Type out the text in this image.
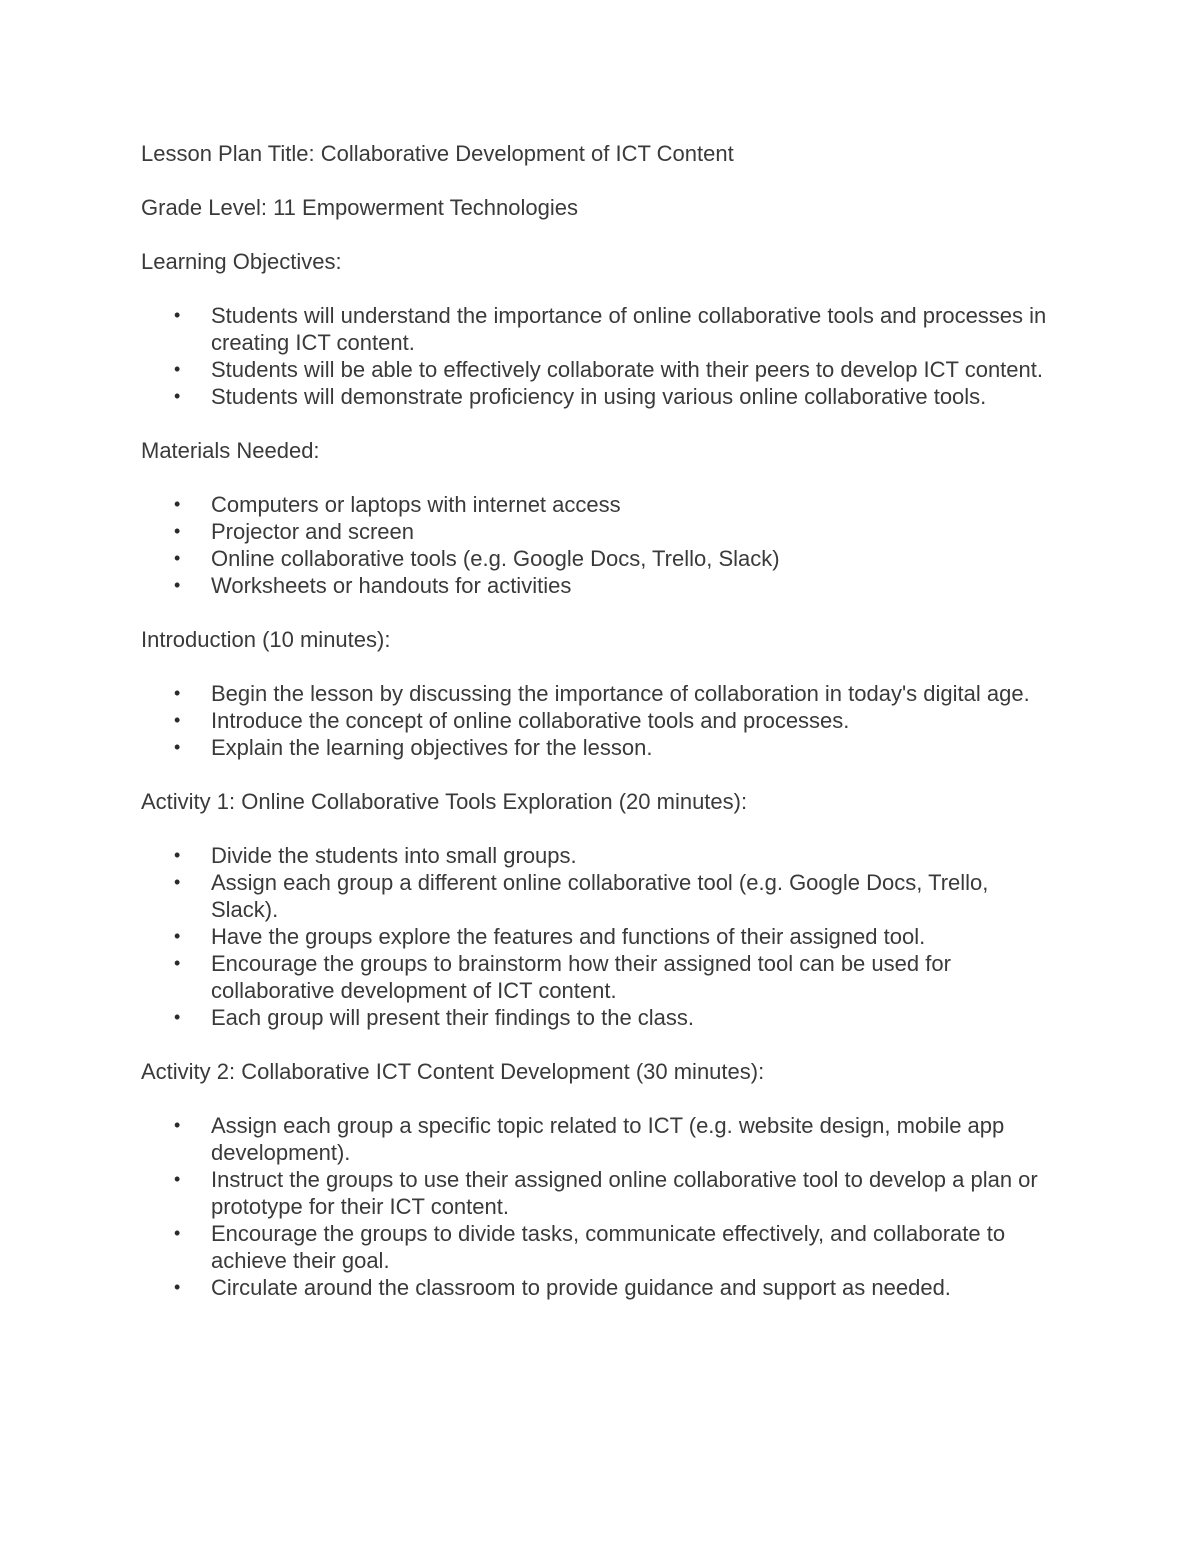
Lesson Plan Title: Collaborative Development of ICT Content

Grade Level: 11 Empowerment Technologies

Learning Objectives:

• Students will understand the importance of online collaborative tools and processes in creating ICT content.
• Students will be able to effectively collaborate with their peers to develop ICT content.
• Students will demonstrate proficiency in using various online collaborative tools.

Materials Needed:

• Computers or laptops with internet access
• Projector and screen
• Online collaborative tools (e.g. Google Docs, Trello, Slack)
• Worksheets or handouts for activities

Introduction (10 minutes):

• Begin the lesson by discussing the importance of collaboration in today's digital age.
• Introduce the concept of online collaborative tools and processes.
• Explain the learning objectives for the lesson.

Activity 1: Online Collaborative Tools Exploration (20 minutes):

• Divide the students into small groups.
• Assign each group a different online collaborative tool (e.g. Google Docs, Trello, Slack).
• Have the groups explore the features and functions of their assigned tool.
• Encourage the groups to brainstorm how their assigned tool can be used for collaborative development of ICT content.
• Each group will present their findings to the class.

Activity 2: Collaborative ICT Content Development (30 minutes):

• Assign each group a specific topic related to ICT (e.g. website design, mobile app development).
• Instruct the groups to use their assigned online collaborative tool to develop a plan or prototype for their ICT content.
• Encourage the groups to divide tasks, communicate effectively, and collaborate to achieve their goal.
• Circulate around the classroom to provide guidance and support as needed.
